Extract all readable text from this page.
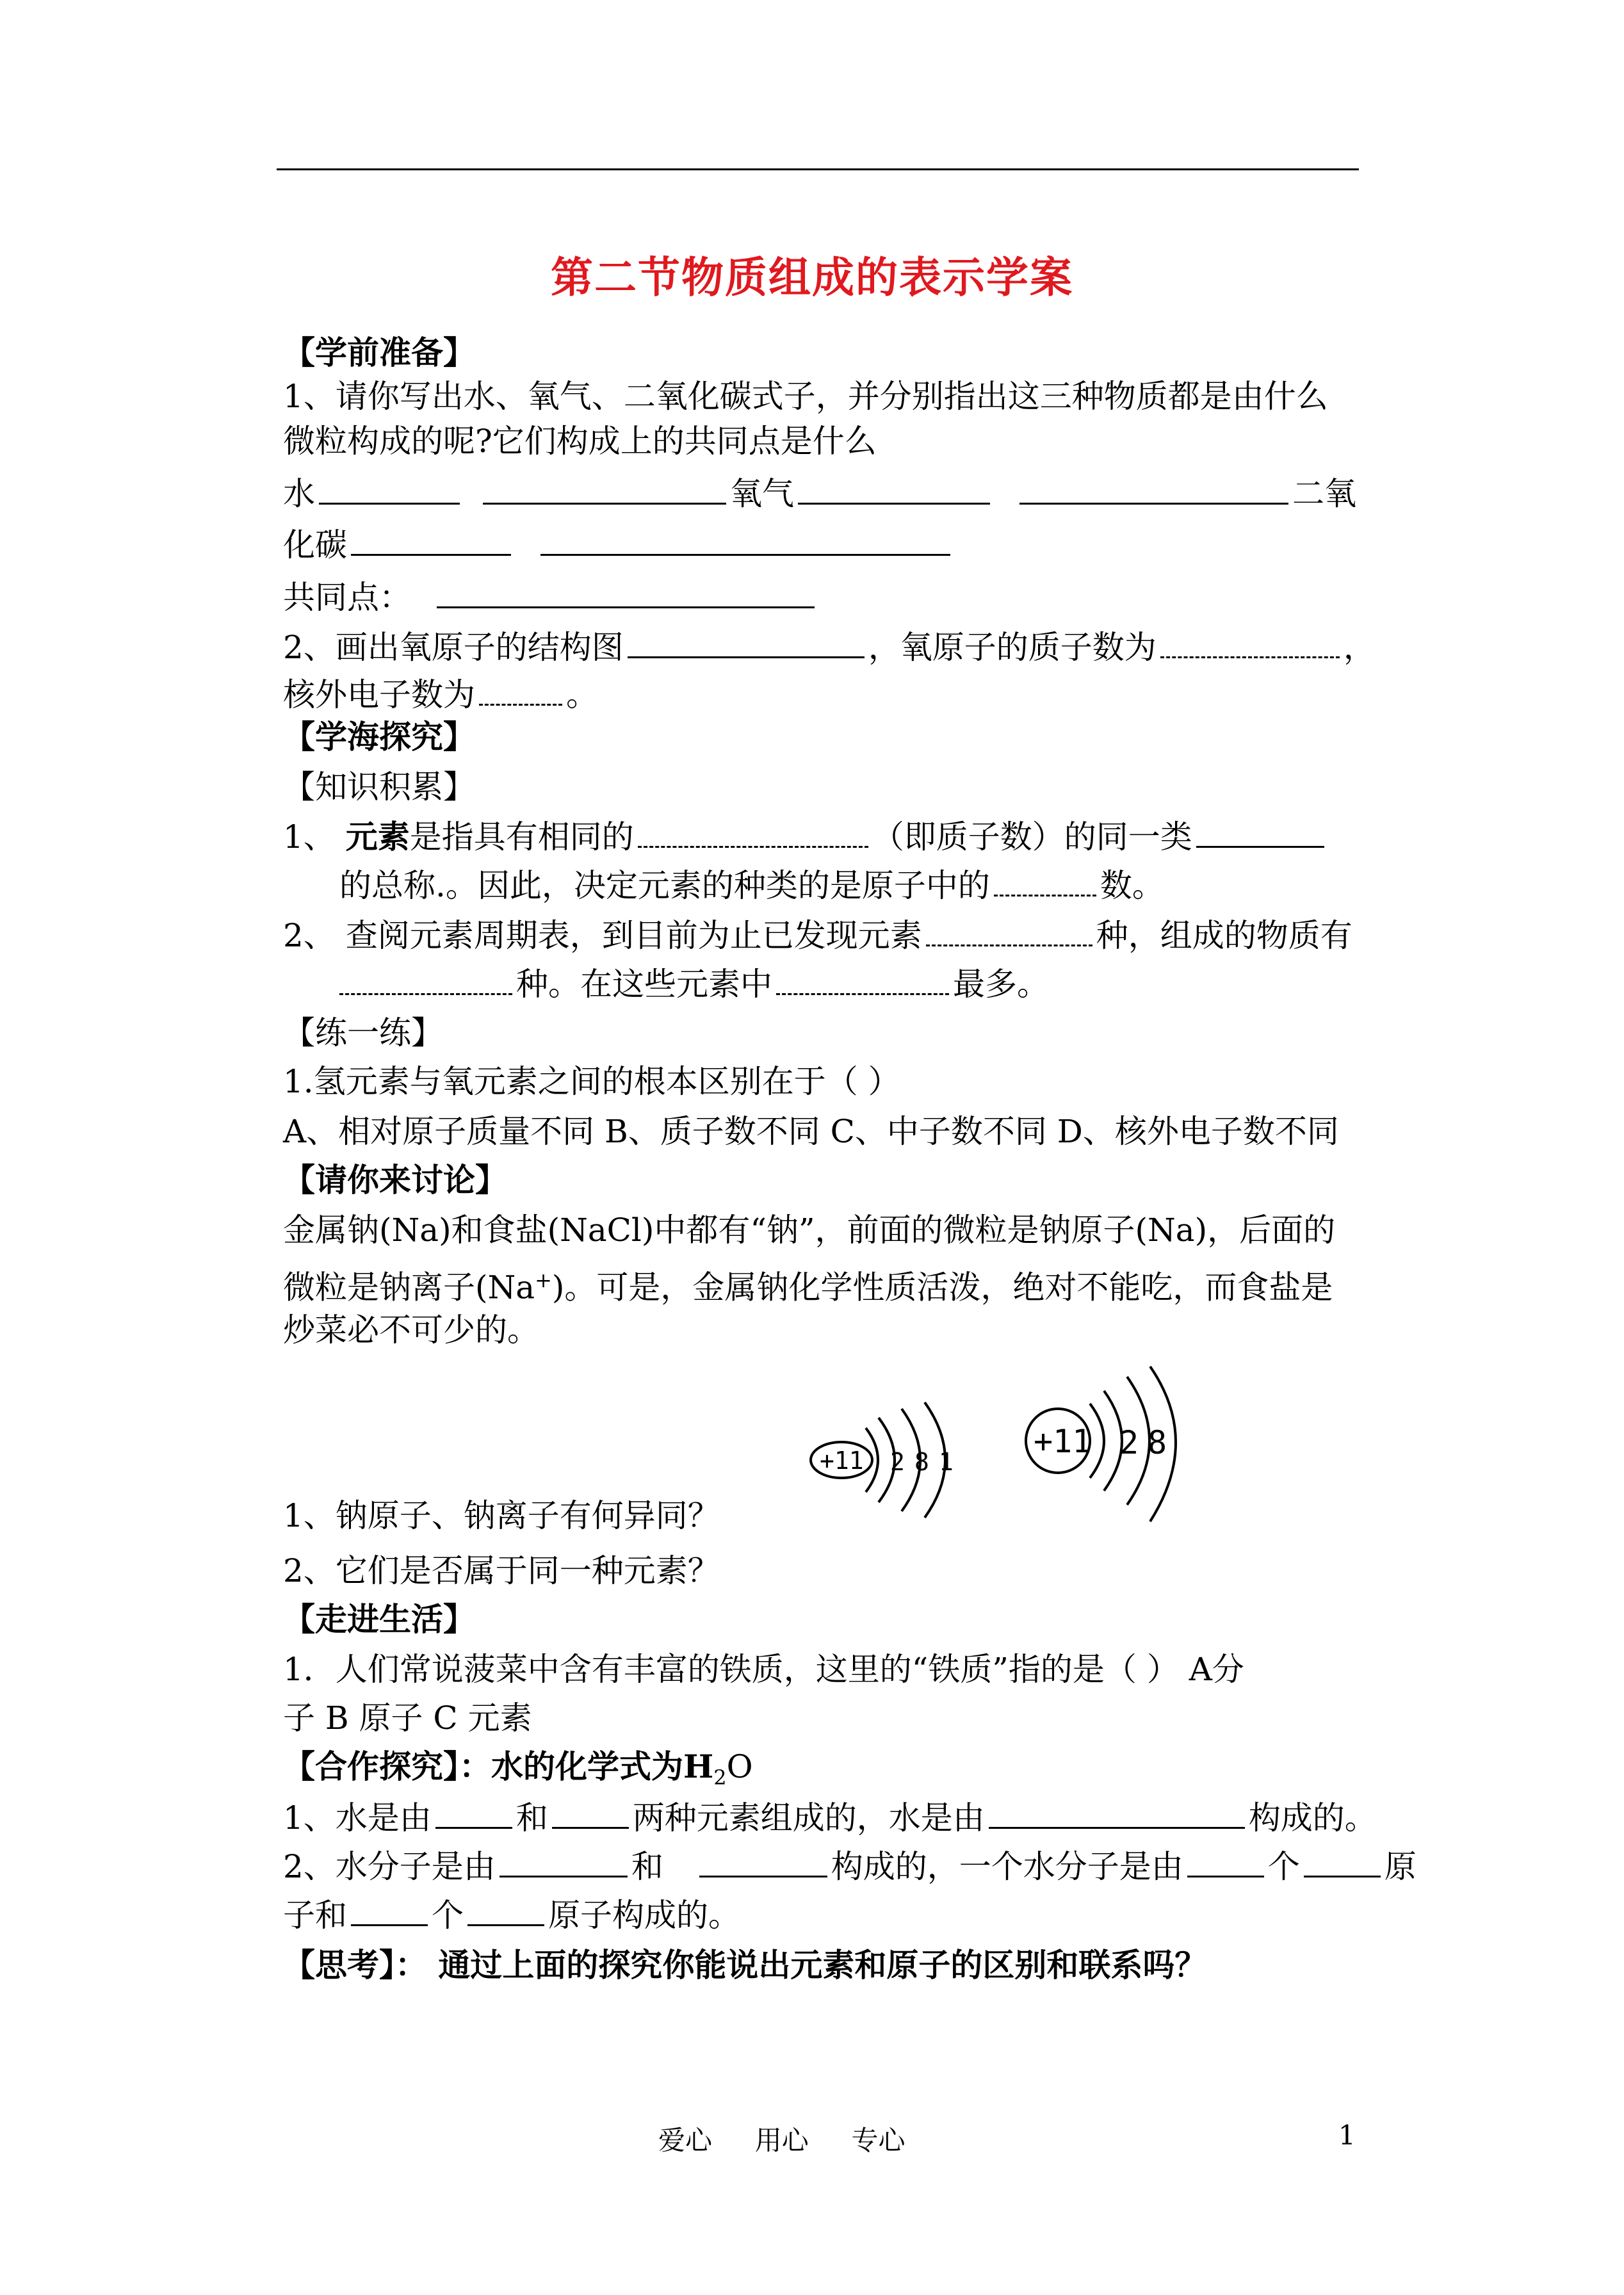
第二节物质组成的表示学案
【学前准备】
1、请你写出水、氧气、二氧化碳式子，并分别指出这三种物质都是由什么
微粒构成的呢?它们构成上的共同点是什么
水	氧气	二氧
化碳
共同点：
2、画出氧原子的结构图	，氧原子的质子数为	，
核外电子数为	。
【学海探究】
【知识积累】
1、 元素是指具有相同的	（即质子数）的同一类
的总称.。因此，决定元素的种类的是原子中的	数。
2、 查阅元素周期表，到目前为止已发现元素	种，组成的物质有
种。在这些元素中	最多。
【练一练】
1.氢元素与氧元素之间的根本区别在于（ ）
A、相对原子质量不同 B、质子数不同 C、中子数不同 D、核外电子数不同
【请你来讨论】
金属钠(Na)和食盐(NaCl)中都有“钠”，前面的微粒是钠原子(Na)，后面的
微粒是钠离子(Na+)。可是，金属钠化学性质活泼，绝对不能吃，而食盐是
炒菜必不可少的。
+11 2 8 1
+11 2 8
1、钠原子、钠离子有何异同？
2、它们是否属于同一种元素？
【走进生活】
1．人们常说菠菜中含有丰富的铁质，这里的“铁质”指的是（ ） A分
子 B 原子 C 元素
【合作探究】：水的化学式为$H_2O$
1、水是由	和	两种元素组成的，水是由	构成的。
2、水分子是由	和	构成的，一个水分子是由	个	原
子和	个	原子构成的。
【思考】： 通过上面的探究你能说出元素和原子的区别和联系吗？
爱心     用心     专心	1
